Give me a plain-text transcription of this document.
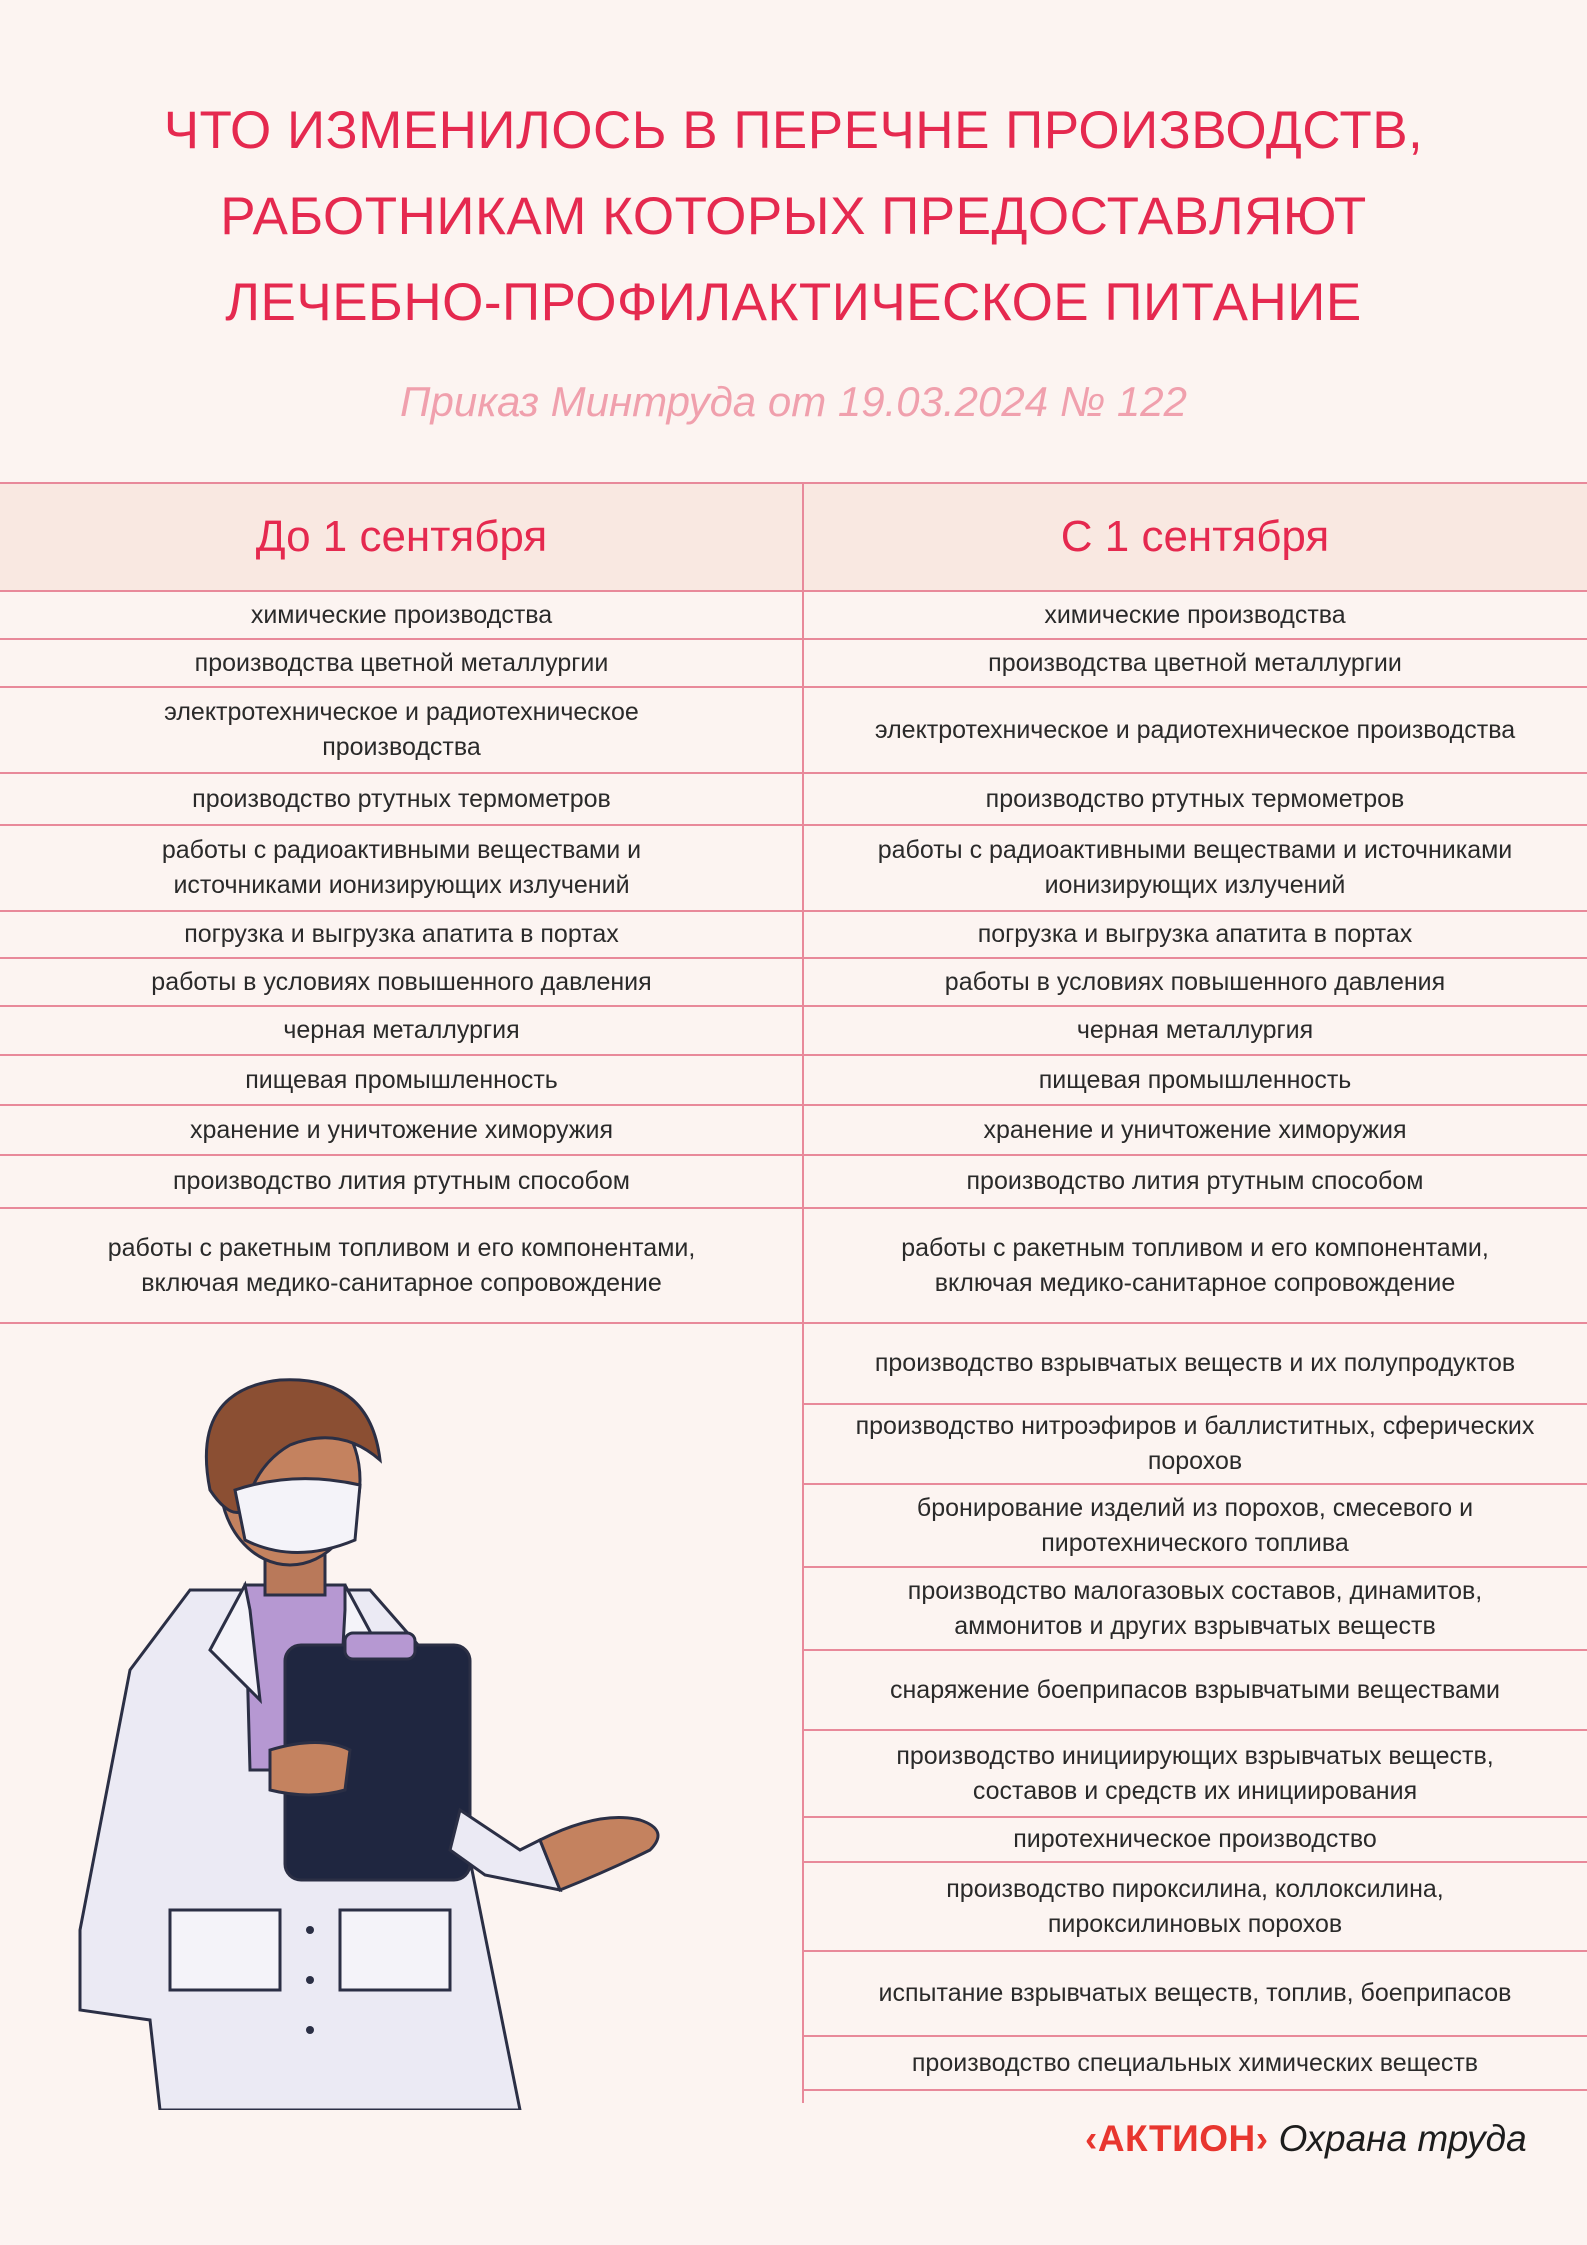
ЧТО ИЗМЕНИЛОСЬ В ПЕРЕЧНЕ ПРОИЗВОДСТВ,
РАБОТНИКАМ КОТОРЫХ ПРЕДОСТАВЛЯЮТ
ЛЕЧЕБНО-ПРОФИЛАКТИЧЕСКОЕ ПИТАНИЕ
Приказ Минтруда от 19.03.2024 № 122
До 1 сентября	С 1 сентября
химические производства
производства цветной металлургии
электротехническое и радиотехническое производства
производство ртутных термометров
работы с радиоактивными веществами и источниками ионизирующих излучений
погрузка и выгрузка апатита в портах
работы в условиях повышенного давления
черная металлургия
пищевая промышленность
хранение и уничтожение химоружия
производство лития ртутным способом
работы с ракетным топливом и его компонентами, включая медико-санитарное сопровождение
химические производства
производства цветной металлургии
электротехническое и радиотехническое производства
производство ртутных термометров
работы с радиоактивными веществами и источниками ионизирующих излучений
погрузка и выгрузка апатита в портах
работы в условиях повышенного давления
черная металлургия
пищевая промышленность
хранение и уничтожение химоружия
производство лития ртутным способом
работы с ракетным топливом и его компонентами, включая медико-санитарное сопровождение
производство взрывчатых веществ и их полупродуктов
производство нитроэфиров и баллиститных, сферических порохов
бронирование изделий из порохов, смесевого и пиротехнического топлива
производство малогазовых составов, динамитов, аммонитов и других взрывчатых веществ
снаряжение боеприпасов взрывчатыми веществами
производство инициирующих взрывчатых веществ, составов и средств их инициирования
пиротехническое производство
производство пироксилина, коллоксилина, пироксилиновых порохов
испытание взрывчатых веществ, топлив, боеприпасов
производство специальных химических веществ
‹АКТИОН› Охрана труда
